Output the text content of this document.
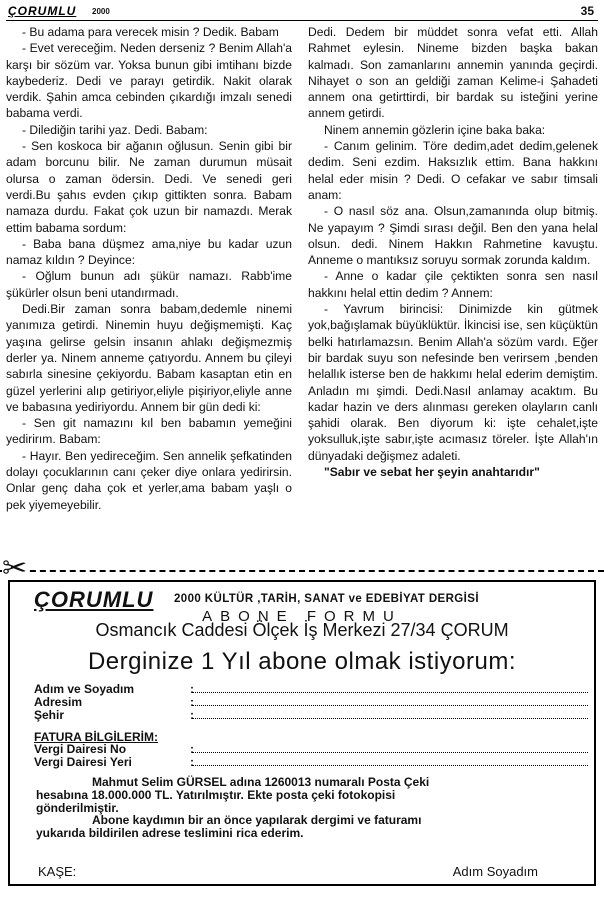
ÇORUMLU 2000	35

- Bu adama para verecek misin ? Dedik. Babam

- Evet vereceğim. Neden derseniz ? Benim Allah'a karşı bir sözüm var. Yoksa bunun gibi imtihanı bizde kaybederiz. Dedi ve parayı getirdik. Nakit olarak verdik. Şahin amca cebinden çıkardığı imzalı senedi babama verdi.

- Dilediğin tarihi yaz. Dedi. Babam:

- Sen koskoca bir ağanın oğlusun. Senin gibi bir adam borcunu bilir. Ne zaman durumun müsait olursa o zaman ödersin. Dedi. Ve senedi geri verdi.Bu şahıs evden çıkıp gittikten sonra. Babam namaza durdu. Fakat çok uzun bir namazdı. Merak ettim babama sordum:

- Baba bana düşmez ama,niye bu kadar uzun namaz kıldın ? Deyince:

- Oğlum bunun adı şükür namazı. Rabb'ime şükürler olsun beni utandırmadı.

Dedi.Bir zaman sonra babam,dedemle ninemi yanımıza getirdi. Ninemin huyu değişmemişti. Kaç yaşına gelirse gelsin insanın ahlakı değişmezmiş derler ya. Ninem anneme çatıyordu. Annem bu çileyi sabırla sinesine çekiyordu. Babam kasaptan etin en güzel yerlerini alıp getiriyor,eliyle pişiriyor,eliyle anne ve babasına yediriyordu. Annem bir gün dedi ki:

- Sen git namazını kıl ben babamın yemeğini yedirirım. Babam:

- Hayır. Ben yedireceğim. Sen annelik şefkatinden dolayı çocuklarının canı çeker diye onlara yedirirsin. Onlar genç daha çok et yerler,ama babam yaşlı o pek yiyemeyebilir.

Dedi. Dedem bir müddet sonra vefat etti. Allah Rahmet eylesin. Nineme bizden başka bakan kalmadı. Son zamanlarını annemin yanında geçirdi. Nihayet o son an geldiği zaman Kelime-i Şahadeti annem ona getirttirdi, bir bardak su isteğini yerine annem getirdi.

Ninem annemin gözlerin içine baka baka:

- Canım gelinim. Töre dedim,adet dedim,gelenek dedim. Seni ezdim. Haksızlık ettim. Bana hakkını helal eder misin ? Dedi. O cefakar ve sabır timsali anam:

- O nasıl söz ana. Olsun,zamanında olup bitmiş. Ne yapayım ? Şimdi sırası değil. Ben den yana helal olsun. dedi. Ninem Hakkın Rahmetine kavuştu. Anneme o mantıksız soruyu sormak zorunda kaldım.

- Anne o kadar çile çektikten sonra sen nasıl hakkını helal ettin dedim ? Annem:

- Yavrum birincisi: Dinimizde kin gütmek yok,bağışlamak büyüklüktür. İkincisi ise, sen küçüktün belki hatırlamazsın. Benim Allah'a sözüm vardı. Eğer bir bardak suyu son nefesinde ben verirsem ,benden helallık isterse ben de hakkımı helal ederim demiştim. Anladın mı şimdi. Dedi.Nasıl anlamay acaktım. Bu kadar hazin ve ders alınması gereken olayların canlı şahidi olarak. Ben diyorum ki: işte cehalet,işte yoksulluk,işte sabır,işte acımasız töreler. İşte Allah'ın dünyadaki değişmez adaleti.

"Sabır ve sebat her şeyin anahtarıdır"

✂
ÇORUMLU 2000 KÜLTÜR ,TARİH, SANAT ve EDEBİYAT DERGİSİ
ABONE FORMU
Osmancık Caddesi Ölçek İş Merkezi 27/34 ÇORUM
Derginize 1 Yıl abone olmak istiyorum:
Adım ve Soyadım	:
Adresim	:
Şehir	:
FATURA BİLGİLERİM:
Vergi Dairesi No	:
Vergi Dairesi Yeri	:
Mahmut Selim GÜRSEL adına 1260013 numaralı Posta Çeki
hesabına 18.000.000 TL. Yatırılmıştır. Ekte posta çeki fotokopisi
gönderilmiştir.
Abone kaydımın bir an önce yapılarak dergimi ve faturamı
yukarıda bildirilen adrese teslimini rica ederim.
KAŞE:	Adım Soyadım
